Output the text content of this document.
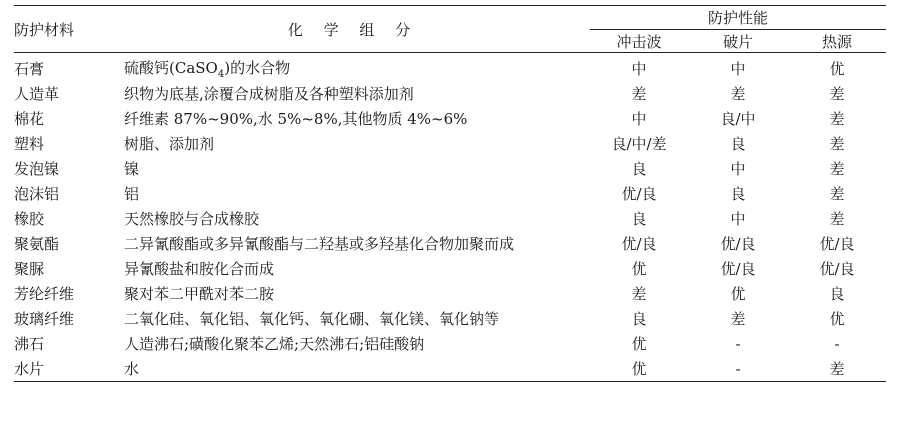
防护材料	化 学 组 分	防护性能		
		冲击波	破片	热源
石膏	硫酸钙(CaSO$_4$)的水合物	中	中	优
人造革	织物为底基,涂覆合成树脂及各种塑料添加剂	差	差	差
棉花	纤维素 87%~90%,水 5%~8%,其他物质 4%~6%	中	良/中	差
塑料	树脂、添加剂	良/中/差	良	差
发泡镍	镍	良	中	差
泡沫铝	铝	优/良	良	差
橡胶	天然橡胶与合成橡胶	良	中	差
聚氨酯	二异氰酸酯或多异氰酸酯与二羟基或多羟基化合物加聚而成	优/良	优/良	优/良
聚脲	异氰酸盐和胺化合而成	优	优/良	优/良
芳纶纤维	聚对苯二甲酰对苯二胺	差	优	良
玻璃纤维	二氧化硅、氧化铝、氧化钙、氧化硼、氧化镁、氧化钠等	良	差	优
沸石	人造沸石;磺酸化聚苯乙烯;天然沸石;铝硅酸钠	优	-	-
水片	水	优	-	差
